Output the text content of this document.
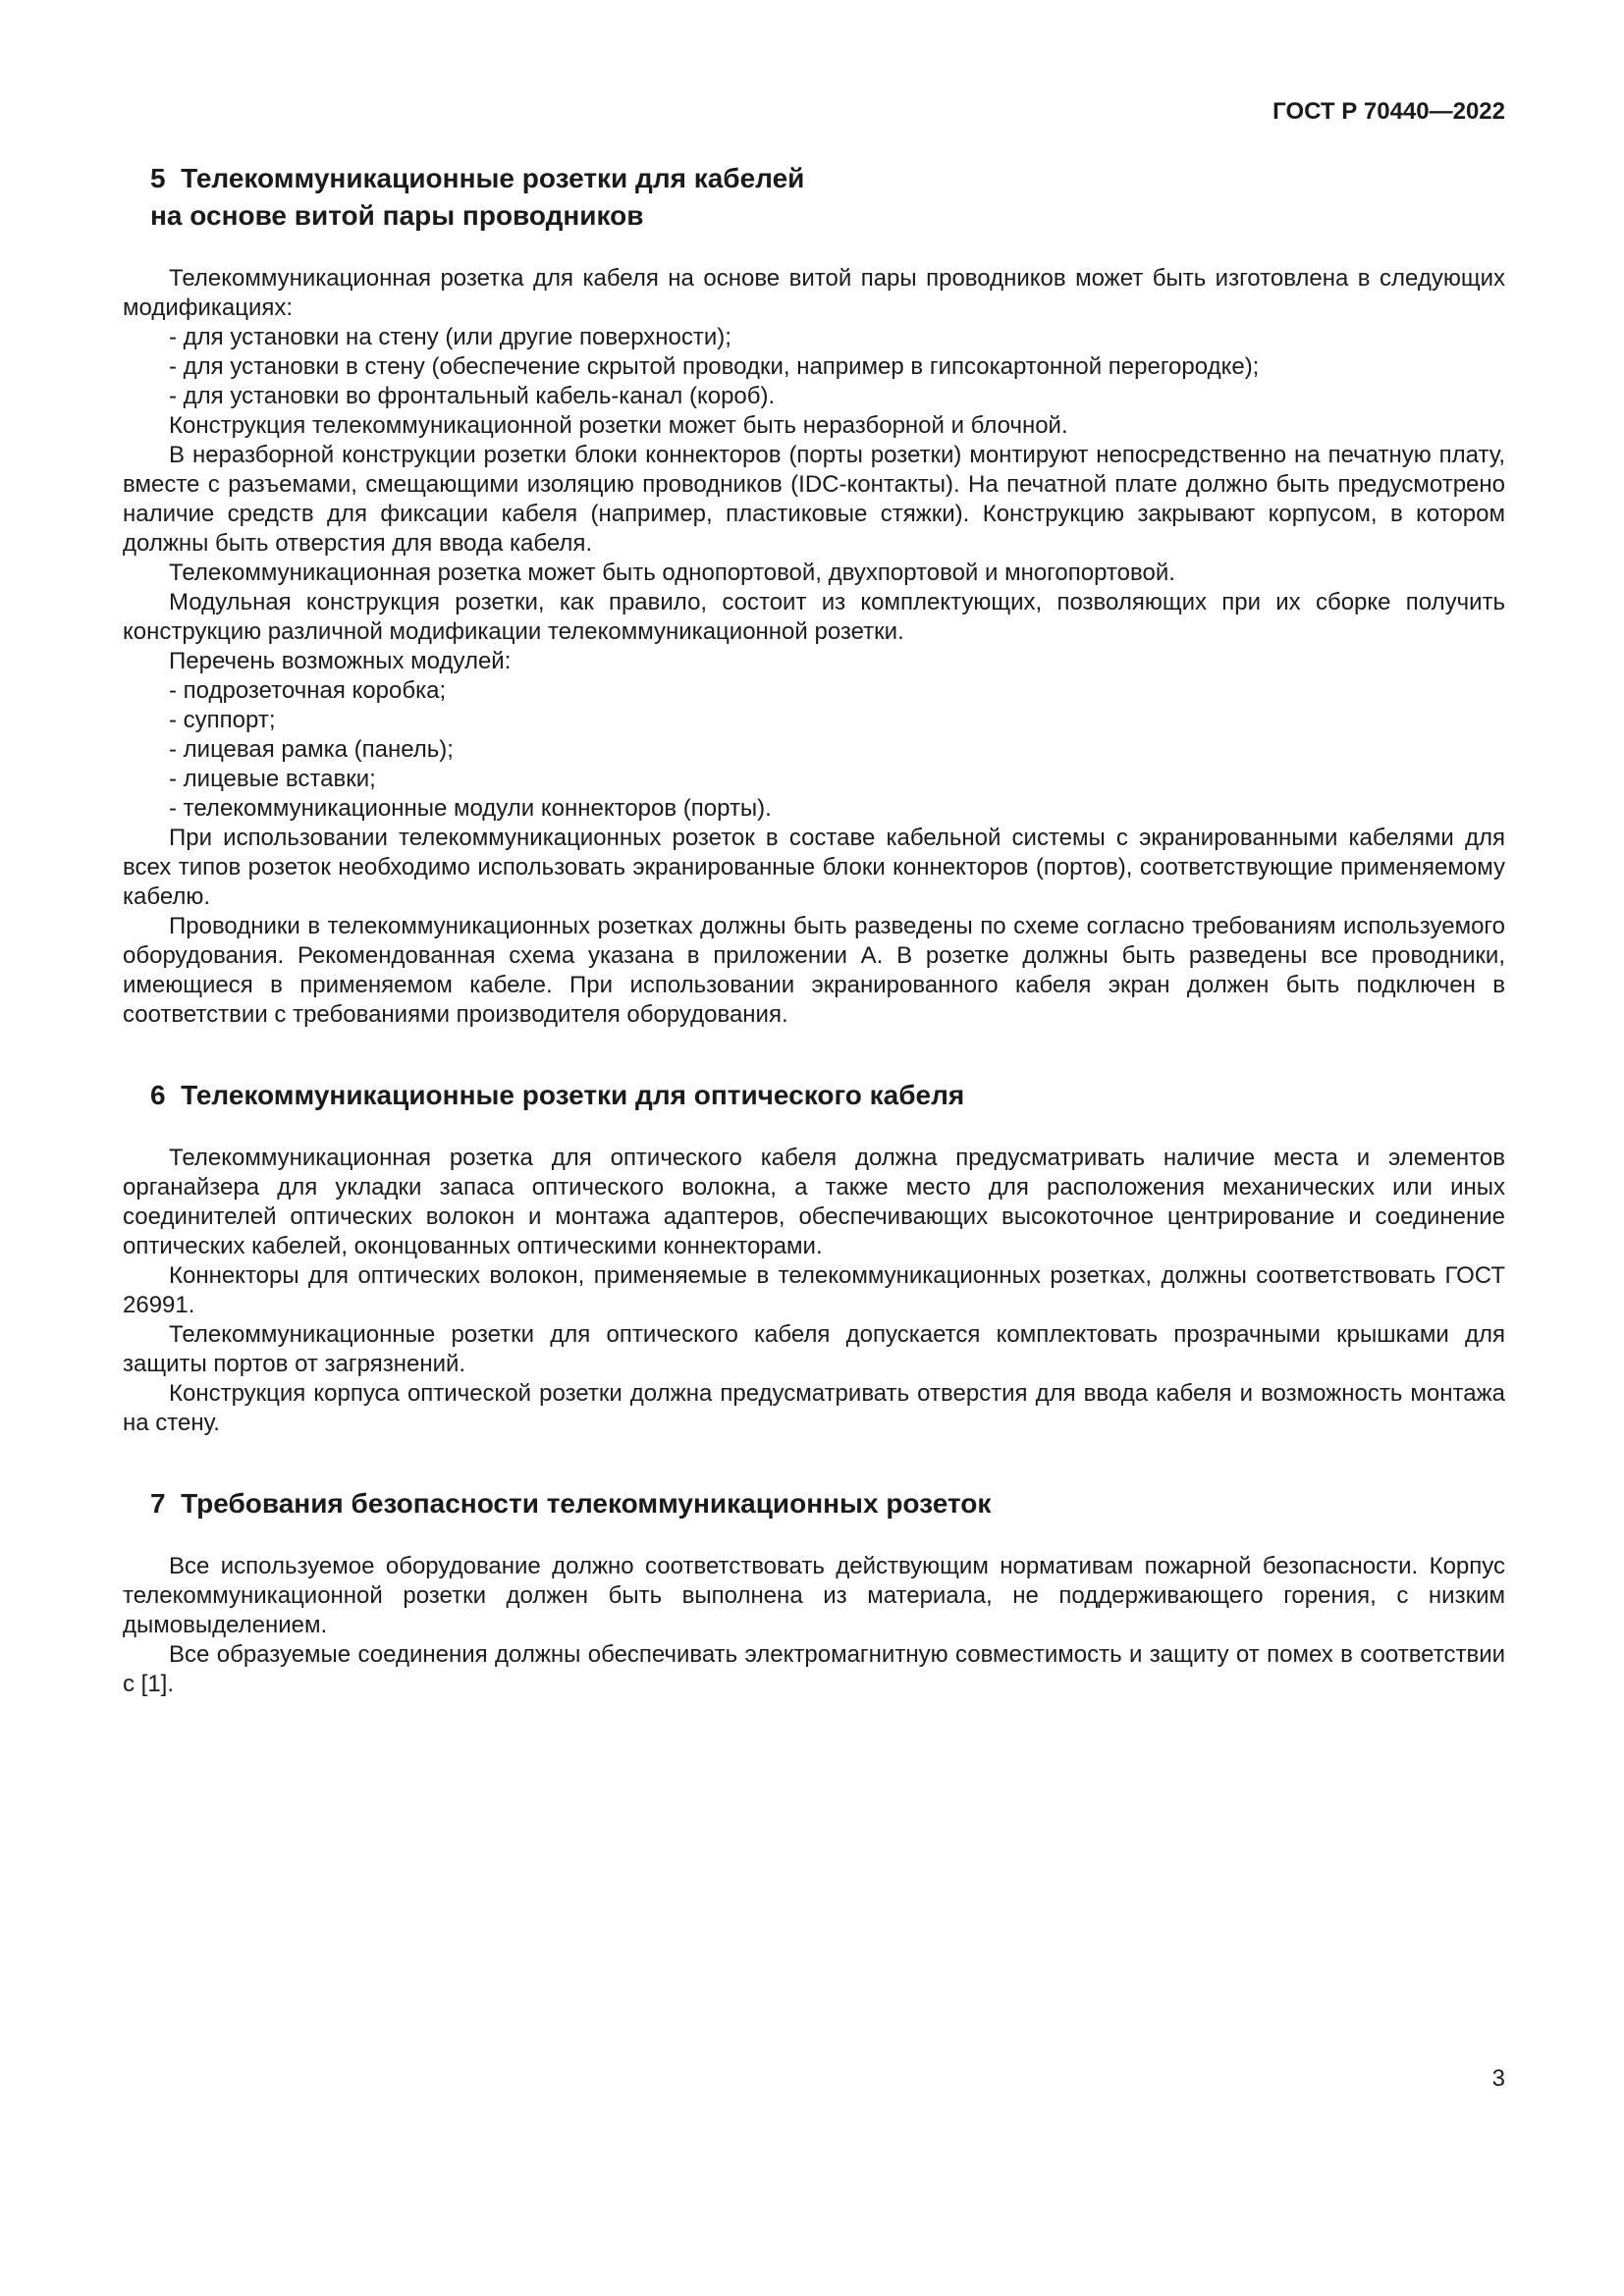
ГОСТ Р 70440—2022
5  Телекоммуникационные розетки для кабелей
на основе витой пары проводников

Телекоммуникационная розетка для кабеля на основе витой пары проводников может быть изготовлена в следующих модификациях:

- для установки на стену (или другие поверхности);

- для установки в стену (обеспечение скрытой проводки, например в гипсокартонной перегородке);

- для установки во фронтальный кабель-канал (короб).

Конструкция телекоммуникационной розетки может быть неразборной и блочной.

В неразборной конструкции розетки блоки коннекторов (порты розетки) монтируют непосредственно на печатную плату, вместе с разъемами, смещающими изоляцию проводников (IDC-контакты). На печатной плате должно быть предусмотрено наличие средств для фиксации кабеля (например, пластиковые стяжки). Конструкцию закрывают корпусом, в котором должны быть отверстия для ввода кабеля.

Телекоммуникационная розетка может быть однопортовой, двухпортовой и многопортовой.

Модульная конструкция розетки, как правило, состоит из комплектующих, позволяющих при их сборке получить конструкцию различной модификации телекоммуникационной розетки.

Перечень возможных модулей:

- подрозеточная коробка;

- суппорт;

- лицевая рамка (панель);

- лицевые вставки;

- телекоммуникационные модули коннекторов (порты).

При использовании телекоммуникационных розеток в составе кабельной системы с экранированными кабелями для всех типов розеток необходимо использовать экранированные блоки коннекторов (портов), соответствующие применяемому кабелю.

Проводники в телекоммуникационных розетках должны быть разведены по схеме согласно требованиям используемого оборудования. Рекомендованная схема указана в приложении А. В розетке должны быть разведены все проводники, имеющиеся в применяемом кабеле. При использовании экранированного кабеля экран должен быть подключен в соответствии с требованиями производителя оборудования.

6  Телекоммуникационные розетки для оптического кабеля

Телекоммуникационная розетка для оптического кабеля должна предусматривать наличие места и элементов органайзера для укладки запаса оптического волокна, а также место для расположения механических или иных соединителей оптических волокон и монтажа адаптеров, обеспечивающих высокоточное центрирование и соединение оптических кабелей, оконцованных оптическими коннекторами.

Коннекторы для оптических волокон, применяемые в телекоммуникационных розетках, должны соответствовать ГОСТ 26991.

Телекоммуникационные розетки для оптического кабеля допускается комплектовать прозрачными крышками для защиты портов от загрязнений.

Конструкция корпуса оптической розетки должна предусматривать отверстия для ввода кабеля и возможность монтажа на стену.

7  Требования безопасности телекоммуникационных розеток

Все используемое оборудование должно соответствовать действующим нормативам пожарной безопасности. Корпус телекоммуникационной розетки должен быть выполнена из материала, не поддерживающего горения, с низким дымовыделением.

Все образуемые соединения должны обеспечивать электромагнитную совместимость и защиту от помех в соответствии с [1].

3
